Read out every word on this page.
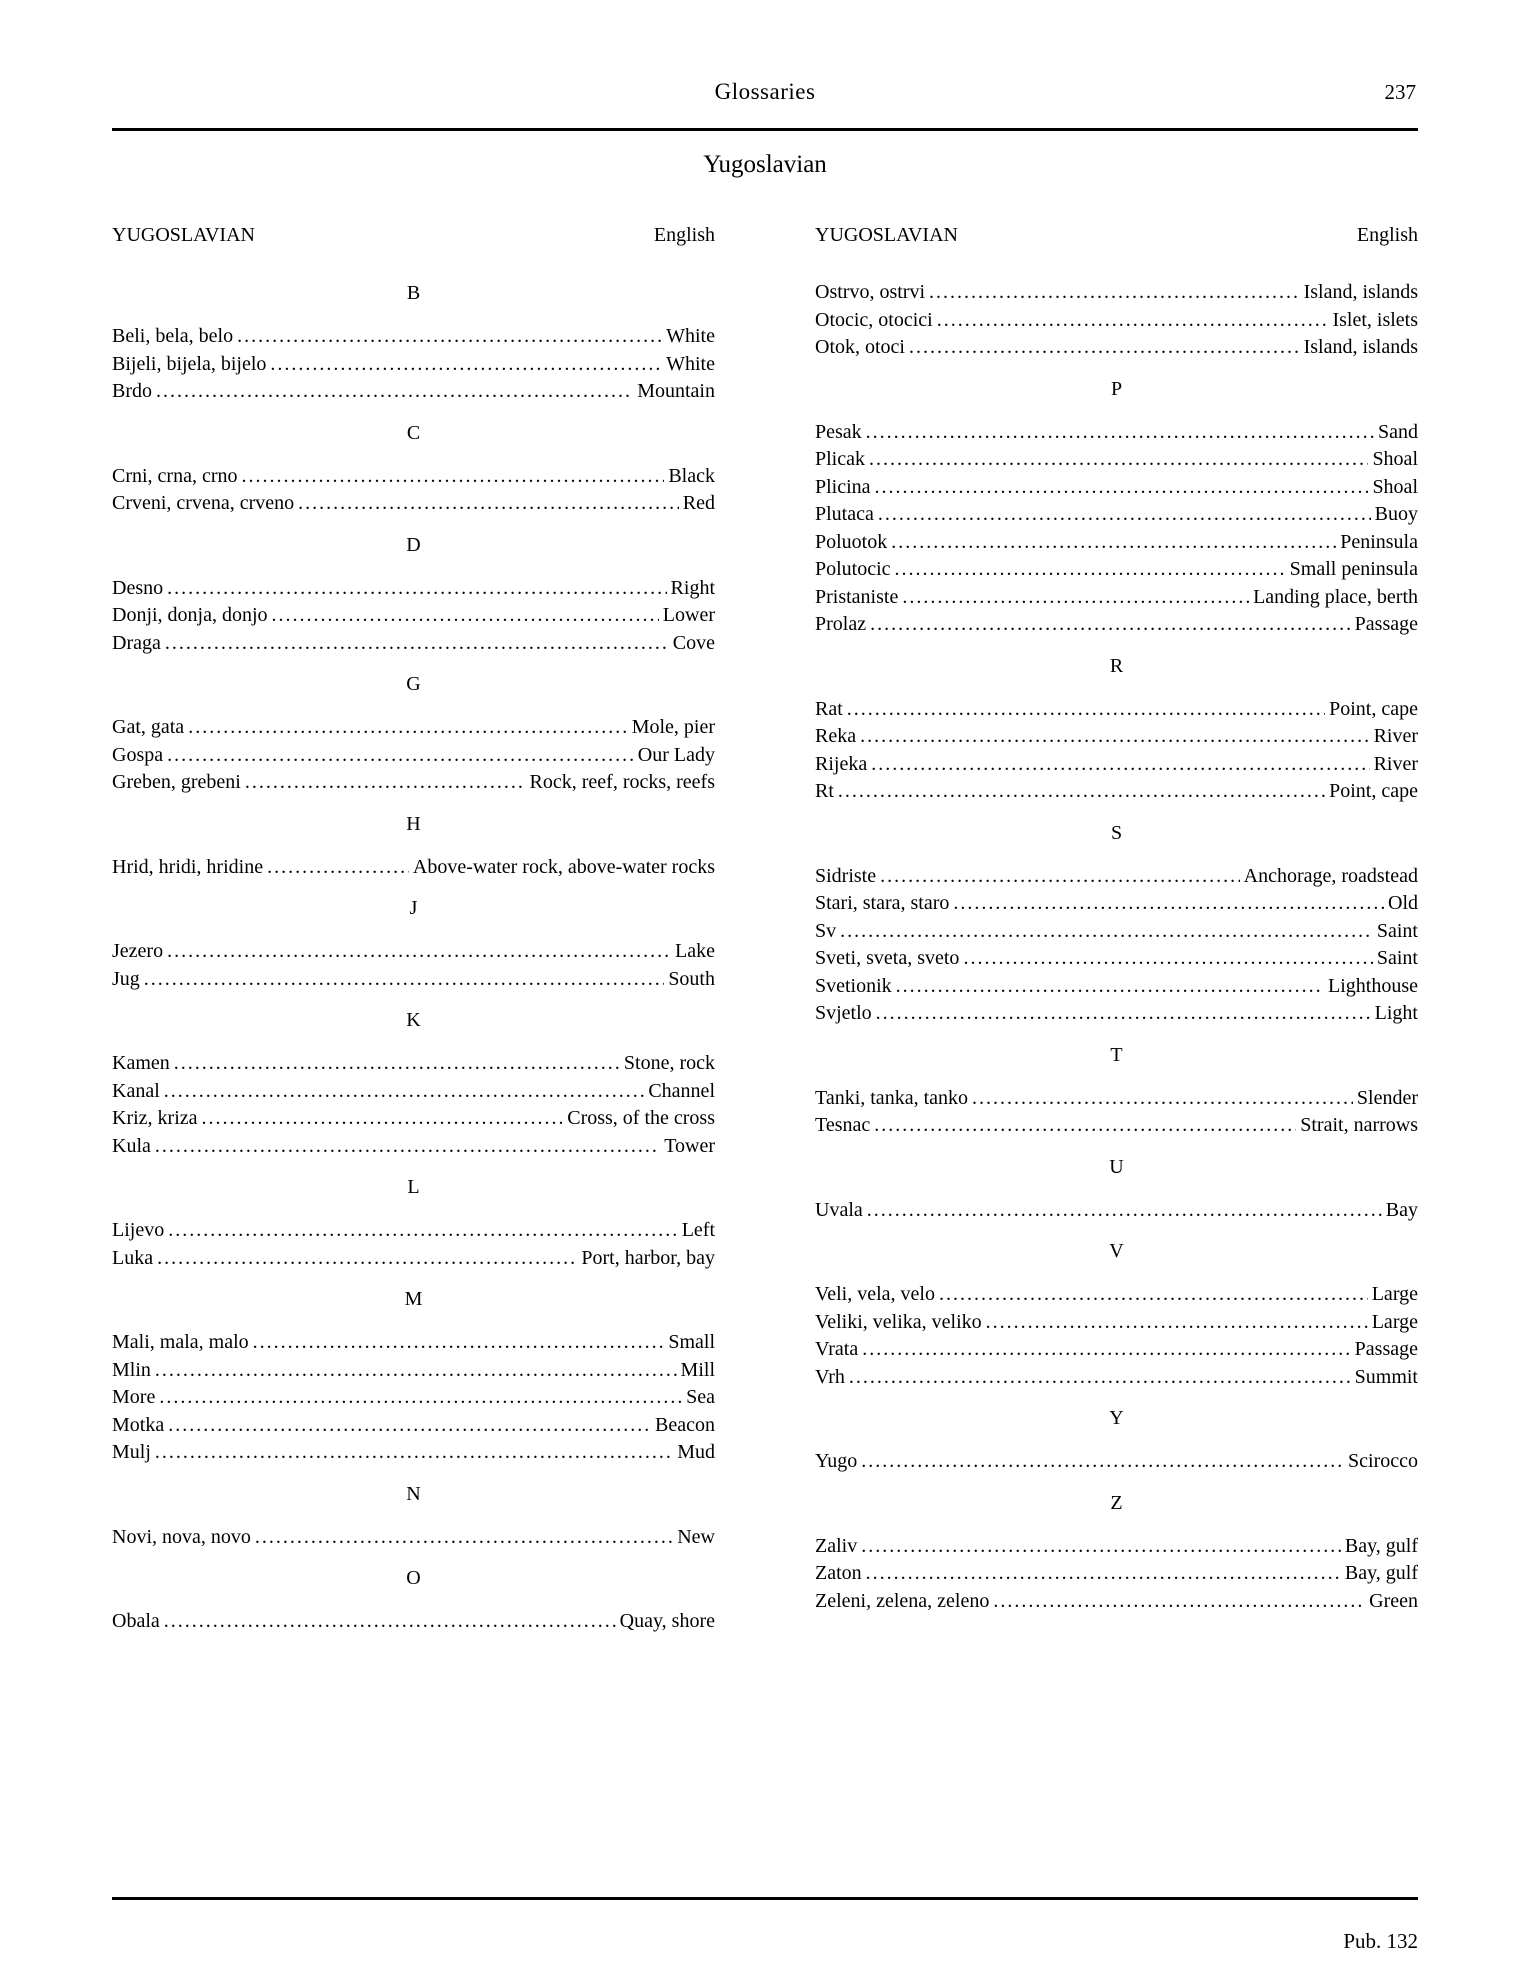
Glossaries	237
Yugoslavian
YUGOSLAVIAN	English
B
Beli, bela, belo .....	White
Bijeli, bijela, bijelo .....	White
Brdo .....	Mountain
C
Crni, crna, crno .....	Black
Crveni, crvena, crveno .....	Red
D
Desno .....	Right
Donji, donja, donjo .....	Lower
Draga .....	Cove
G
Gat, gata .....	Mole, pier
Gospa .....	Our Lady
Greben, grebeni .....	Rock, reef, rocks, reefs
H
Hrid, hridi, hridine .....	Above-water rock, above-water rocks
J
Jezero .....	Lake
Jug .....	South
K
Kamen .....	Stone, rock
Kanal .....	Channel
Kriz, kriza .....	Cross, of the cross
Kula .....	Tower
L
Lijevo .....	Left
Luka .....	Port, harbor, bay
M
Mali, mala, malo .....	Small
Mlin .....	Mill
More .....	Sea
Motka .....	Beacon
Mulj .....	Mud
N
Novi, nova, novo .....	New
O
Obala .....	Quay, shore
YUGOSLAVIAN	English
Ostrvo, ostrvi .....	Island, islands
Otocic, otocici .....	Islet, islets
Otok, otoci .....	Island, islands
P
Pesak .....	Sand
Plicak .....	Shoal
Plicina .....	Shoal
Plutaca .....	Buoy
Poluotok .....	Peninsula
Polutocic .....	Small peninsula
Pristaniste .....	Landing place, berth
Prolaz .....	Passage
R
Rat .....	Point, cape
Reka .....	River
Rijeka .....	River
Rt .....	Point, cape
S
Sidriste .....	Anchorage, roadstead
Stari, stara, staro .....	Old
Sv .....	Saint
Sveti, sveta, sveto .....	Saint
Svetionik .....	Lighthouse
Svjetlo .....	Light
T
Tanki, tanka, tanko .....	Slender
Tesnac .....	Strait, narrows
U
Uvala .....	Bay
V
Veli, vela, velo .....	Large
Veliki, velika, veliko .....	Large
Vrata .....	Passage
Vrh .....	Summit
Y
Yugo .....	Scirocco
Z
Zaliv .....	Bay, gulf
Zaton .....	Bay, gulf
Zeleni, zelena, zeleno .....	Green
Pub. 132
